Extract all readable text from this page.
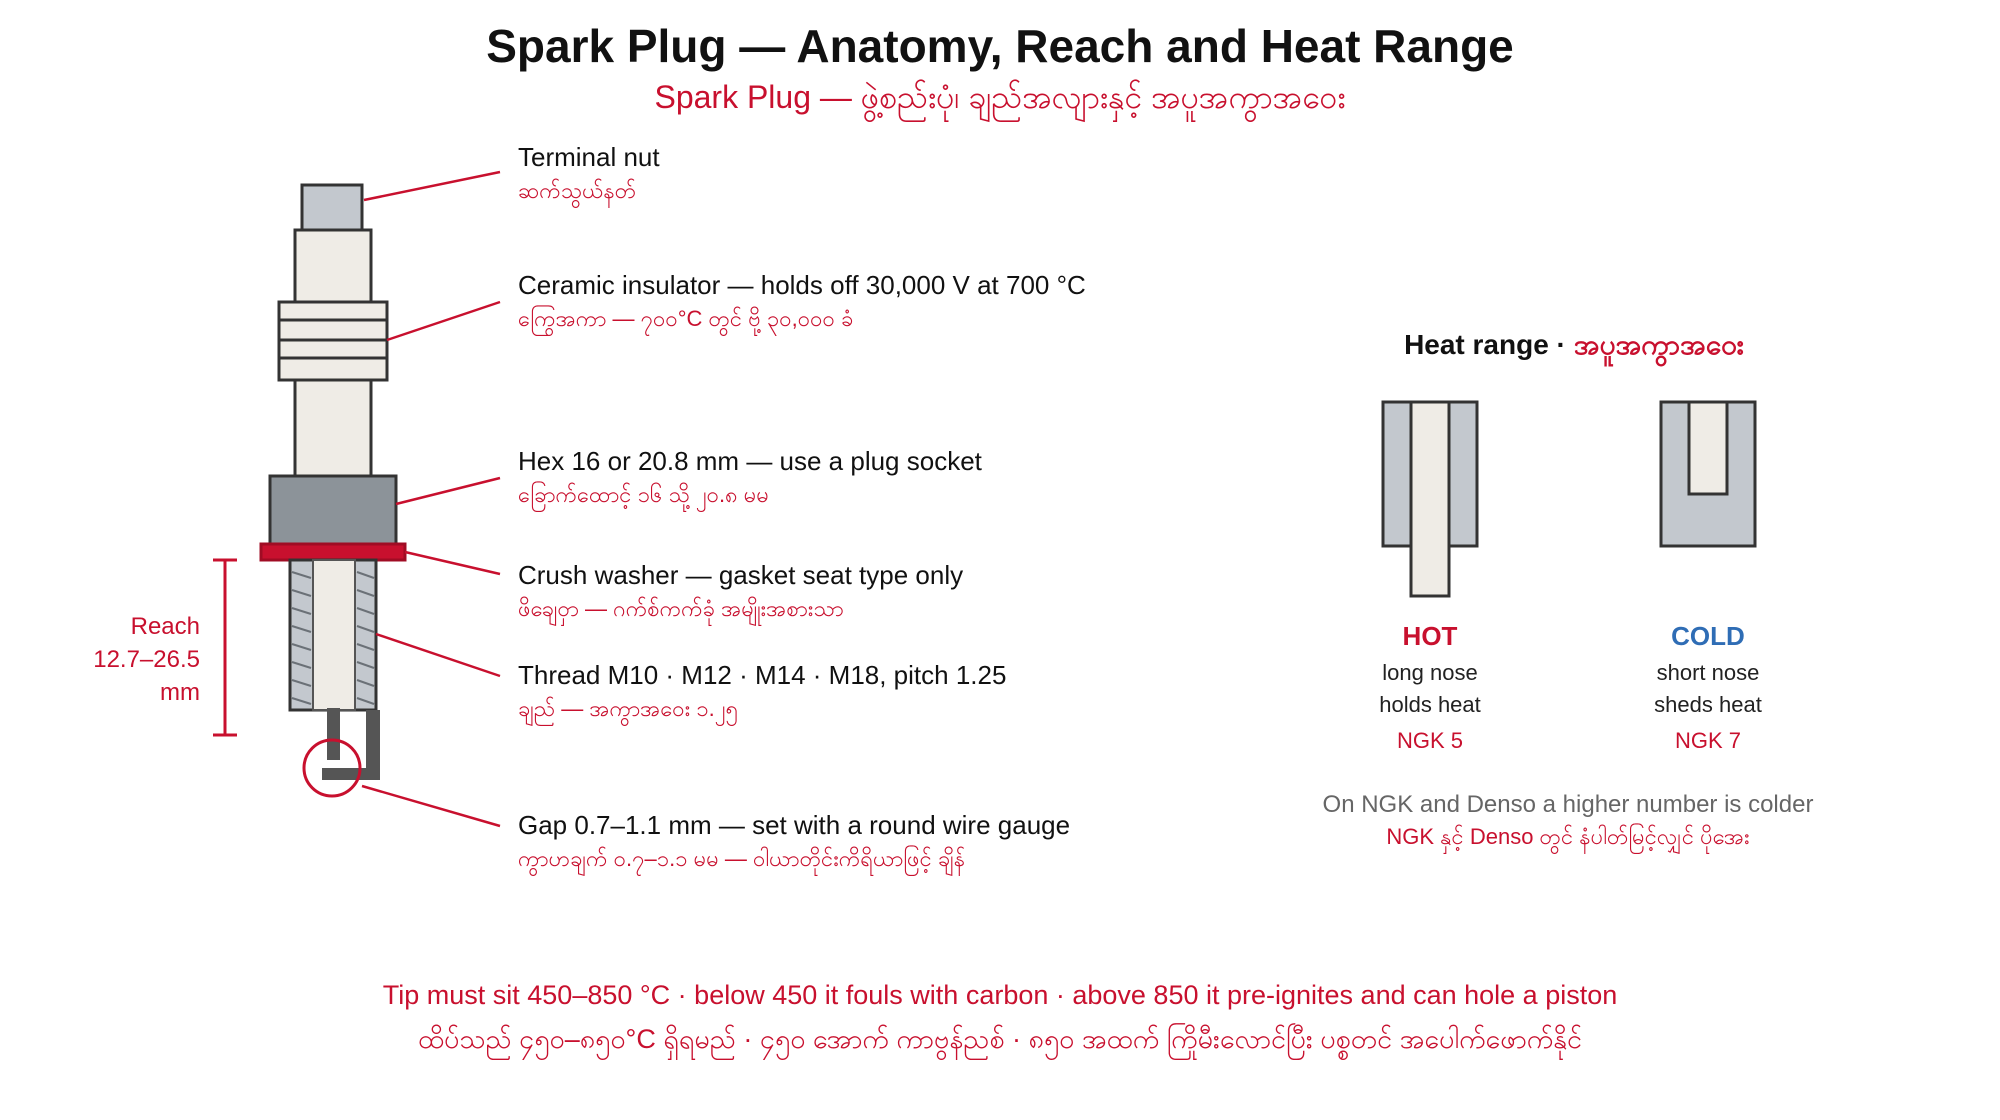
Spark Plug — Anatomy, Reach and Heat Range
Spark Plug — ဖွဲ့စည်းပုံ၊ ချည်အလျားနှင့် အပူအကွာအဝေး
Reach
12.7–26.5
mm
Terminal nut
ဆက်သွယ်နတ်
Ceramic insulator — holds off 30,000 V at 700 °C
ကြွေအကာ — ၇၀၀°C တွင် ဗို့ ၃၀,၀၀၀ ခံ
Hex 16 or 20.8 mm — use a plug socket
ခြောက်ထောင့် ၁၆ သို့ ၂၀.၈ မမ
Crush washer — gasket seat type only
ဖိချေဝှာ — ဂက်စ်ကက်ခုံ အမျိုးအစားသာ
Thread M10 · M12 · M14 · M18, pitch 1.25
ချည် — အကွာအဝေး ၁.၂၅
Gap 0.7–1.1 mm — set with a round wire gauge
ကွာဟချက် ၀.၇–၁.၁ မမ — ဝါယာတိုင်းကိရိယာဖြင့် ချိန်
Heat range · အပူအကွာအဝေး
HOT
long nose
holds heat
NGK 5
COLD
short nose
sheds heat
NGK 7
On NGK and Denso a higher number is colder
NGK နှင့် Denso တွင် နံပါတ်မြင့်လျှင် ပိုအေး
Tip must sit 450–850 °C · below 450 it fouls with carbon · above 850 it pre-ignites and can hole a piston
ထိပ်သည် ၄၅၀–၈၅၀°C ရှိရမည် · ၄၅၀ အောက် ကာဗွန်ညစ် · ၈၅၀ အထက် ကြိုမီးလောင်ပြီး ပစ္စတင် အပေါက်ဖောက်နိုင်
